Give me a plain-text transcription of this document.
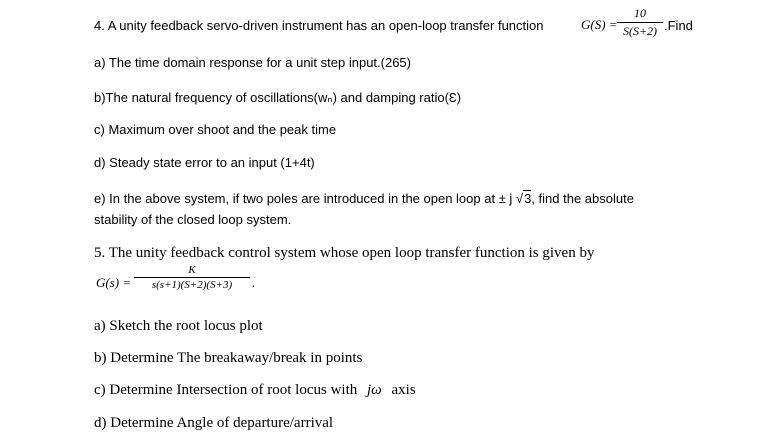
4. A unity feedback servo-driven instrument has an open-loop transfer function	G(S) =
10
S(S+2) .Find
a) The time domain response for a unit step input.(265)
b)The natural frequency of oscillations(wₙ) and damping ratio(Ɛ)
c) Maximum over shoot and the peak time
d) Steady state error to an input (1+4t)
e) In the above system, if two poles are introduced in the open loop at ± j √3, find the absolute
stability of the closed loop system.
5. The unity feedback control system whose open loop transfer function is given by
G(s) =
K
s(s+1)(S+2)(S+3)	.
a) Sketch the root locus plot
b) Determine The breakaway/break in points
c) Determine Intersection of root locus with jω axis
d) Determine Angle of departure/arrival
